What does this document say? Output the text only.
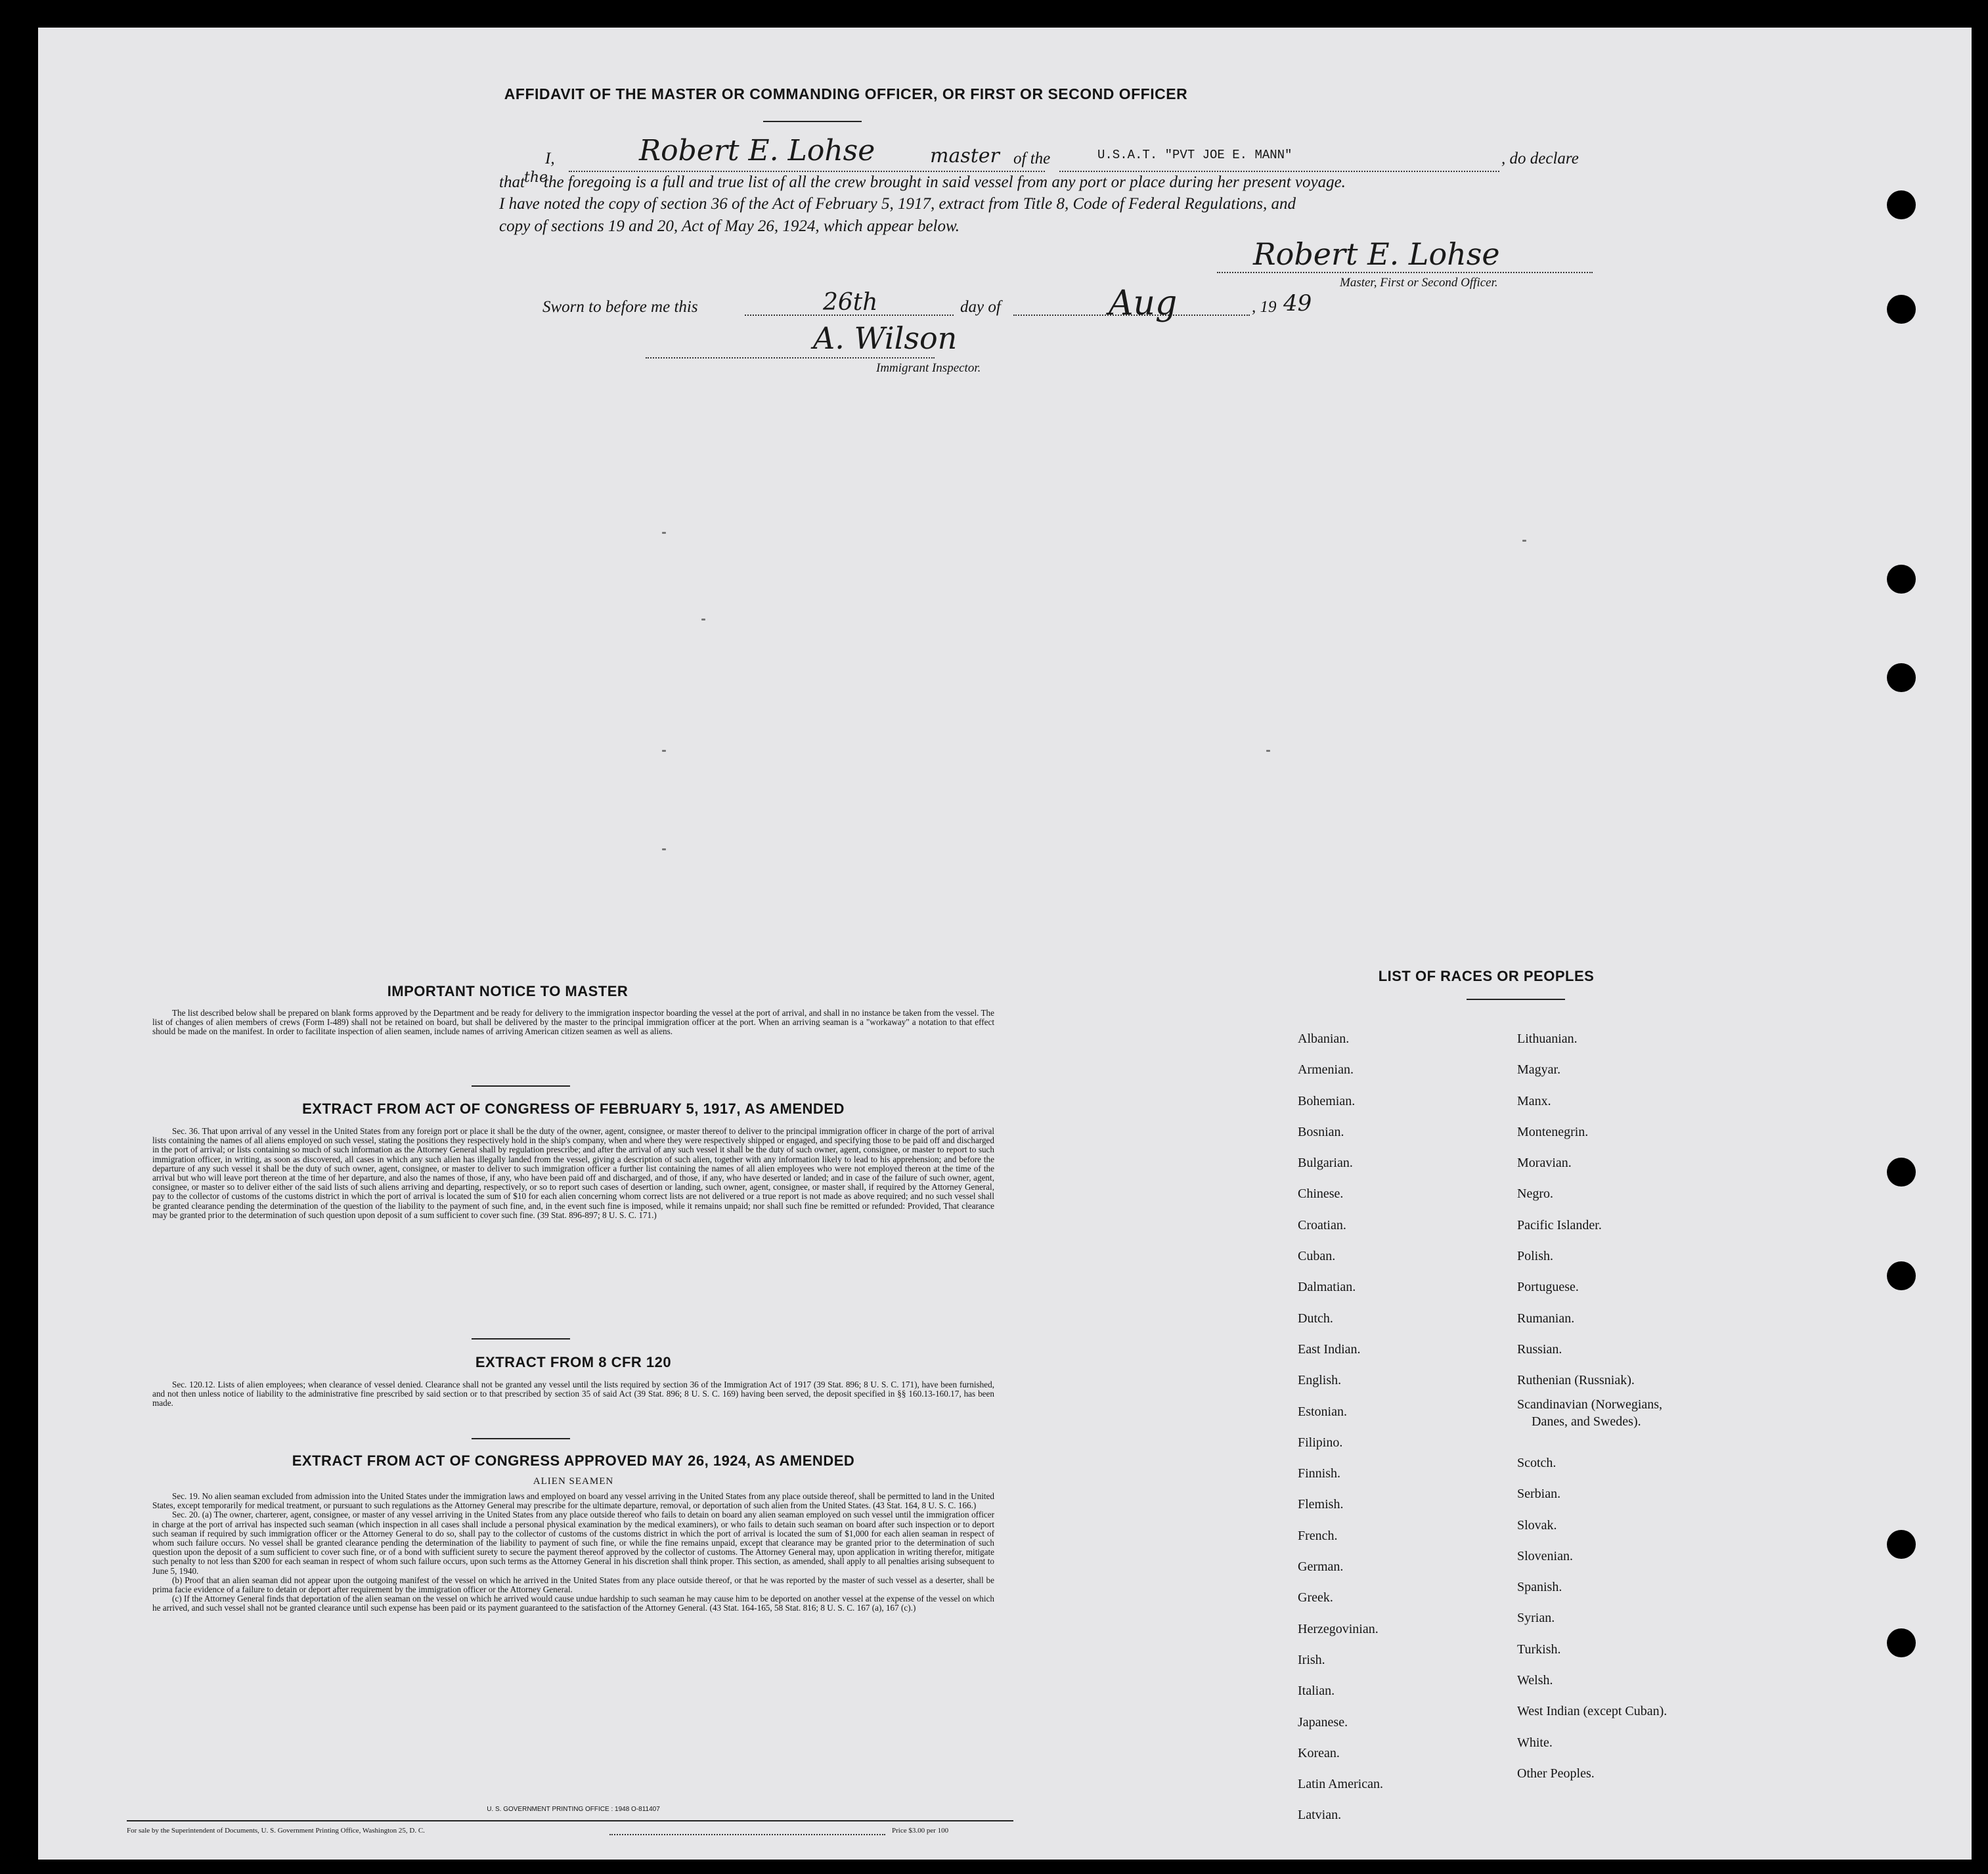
AFFIDAVIT OF THE MASTER OR COMMANDING OFFICER, OR FIRST OR SECOND OFFICER
I,	Robert E. Lohse	master of the	U.S.A.T. "PVT JOE E. MANN"	, do declare
that the
the foregoing is a full and true list of all the crew brought in said vessel from any port or place during her present voyage.
I have noted the copy of section 36 of the Act of February 5, 1917, extract from Title 8, Code of Federal Regulations, and
copy of sections 19 and 20, Act of May 26, 1924, which appear below.
Robert E. Lohse
Master, First or Second Officer.
Sworn to before me this	26th	day of	Aug	, 19 49
A. Wilson
Immigrant Inspector.
IMPORTANT NOTICE TO MASTER

The list described below shall be prepared on blank forms approved by the Department and be ready for delivery to the immigration inspector boarding the vessel at the port of arrival, and shall in no instance be taken from the vessel. The list of changes of alien members of crews (Form I-489) shall not be retained on board, but shall be delivered by the master to the principal immigration officer at the port. When an arriving seaman is a "workaway" a notation to that effect should be made on the manifest. In order to facilitate inspection of alien seamen, include names of arriving American citizen seamen as well as aliens.

EXTRACT FROM ACT OF CONGRESS OF FEBRUARY 5, 1917, AS AMENDED

Sec. 36. That upon arrival of any vessel in the United States from any foreign port or place it shall be the duty of the owner, agent, consignee, or master thereof to deliver to the principal immigration officer in charge of the port of arrival lists containing the names of all aliens employed on such vessel, stating the positions they respectively hold in the ship's company, when and where they were respectively shipped or engaged, and specifying those to be paid off and discharged in the port of arrival; or lists containing so much of such information as the Attorney General shall by regulation prescribe; and after the arrival of any such vessel it shall be the duty of such owner, agent, consignee, or master to report to such immigration officer, in writing, as soon as discovered, all cases in which any such alien has illegally landed from the vessel, giving a description of such alien, together with any information likely to lead to his apprehension; and before the departure of any such vessel it shall be the duty of such owner, agent, consignee, or master to deliver to such immigration officer a further list containing the names of all alien employees who were not employed thereon at the time of the arrival but who will leave port thereon at the time of her departure, and also the names of those, if any, who have been paid off and discharged, and of those, if any, who have deserted or landed; and in case of the failure of such owner, agent, consignee, or master so to deliver either of the said lists of such aliens arriving and departing, respectively, or so to report such cases of desertion or landing, such owner, agent, consignee, or master shall, if required by the Attorney General, pay to the collector of customs of the customs district in which the port of arrival is located the sum of $10 for each alien concerning whom correct lists are not delivered or a true report is not made as above required; and no such vessel shall be granted clearance pending the determination of the question of the liability to the payment of such fine, and, in the event such fine is imposed, while it remains unpaid; nor shall such fine be remitted or refunded: Provided, That clearance may be granted prior to the determination of such question upon deposit of a sum sufficient to cover such fine. (39 Stat. 896-897; 8 U. S. C. 171.)

EXTRACT FROM 8 CFR 120

Sec. 120.12. Lists of alien employees; when clearance of vessel denied. Clearance shall not be granted any vessel until the lists required by section 36 of the Immigration Act of 1917 (39 Stat. 896; 8 U. S. C. 171), have been furnished, and not then unless notice of liability to the administrative fine prescribed by said section or to that prescribed by section 35 of said Act (39 Stat. 896; 8 U. S. C. 169) having been served, the deposit specified in §§ 160.13-160.17, has been made.

EXTRACT FROM ACT OF CONGRESS APPROVED MAY 26, 1924, AS AMENDED
ALIEN SEAMEN

Sec. 19. No alien seaman excluded from admission into the United States under the immigration laws and employed on board any vessel arriving in the United States from any place outside thereof, shall be permitted to land in the United States, except temporarily for medical treatment, or pursuant to such regulations as the Attorney General may prescribe for the ultimate departure, removal, or deportation of such alien from the United States. (43 Stat. 164, 8 U. S. C. 166.)

Sec. 20. (a) The owner, charterer, agent, consignee, or master of any vessel arriving in the United States from any place outside thereof who fails to detain on board any alien seaman employed on such vessel until the immigration officer in charge at the port of arrival has inspected such seaman (which inspection in all cases shall include a personal physical examination by the medical examiners), or who fails to detain such seaman on board after such inspection or to deport such seaman if required by such immigration officer or the Attorney General to do so, shall pay to the collector of customs of the customs district in which the port of arrival is located the sum of $1,000 for each alien seaman in respect of whom such failure occurs. No vessel shall be granted clearance pending the determination of the liability to payment of such fine, or while the fine remains unpaid, except that clearance may be granted prior to the determination of such question upon the deposit of a sum sufficient to cover such fine, or of a bond with sufficient surety to secure the payment thereof approved by the collector of customs. The Attorney General may, upon application in writing therefor, mitigate such penalty to not less than $200 for each seaman in respect of whom such failure occurs, upon such terms as the Attorney General in his discretion shall think proper. This section, as amended, shall apply to all penalties arising subsequent to June 5, 1940.

(b) Proof that an alien seaman did not appear upon the outgoing manifest of the vessel on which he arrived in the United States from any place outside thereof, or that he was reported by the master of such vessel as a deserter, shall be prima facie evidence of a failure to detain or deport after requirement by the immigration officer or the Attorney General.

(c) If the Attorney General finds that deportation of the alien seaman on the vessel on which he arrived would cause undue hardship to such seaman he may cause him to be deported on another vessel at the expense of the vessel on which he arrived, and such vessel shall not be granted clearance until such expense has been paid or its payment guaranteed to the satisfaction of the Attorney General. (43 Stat. 164-165, 58 Stat. 816; 8 U. S. C. 167 (a), 167 (c).)

U. S. GOVERNMENT PRINTING OFFICE : 1948 O-811407
For sale by the Superintendent of Documents, U. S. Government Printing Office, Washington 25, D. C.	Price $3.00 per 100
LIST OF RACES OR PEOPLES
Albanian.
Armenian.
Bohemian.
Bosnian.
Bulgarian.
Chinese.
Croatian.
Cuban.
Dalmatian.
Dutch.
East Indian.
English.
Estonian.
Filipino.
Finnish.
Flemish.
French.
German.
Greek.
Herzegovinian.
Irish.
Italian.
Japanese.
Korean.
Latin American.
Latvian.
Lithuanian.
Magyar.
Manx.
Montenegrin.
Moravian.
Negro.
Pacific Islander.
Polish.
Portuguese.
Rumanian.
Russian.
Ruthenian (Russniak).
Scandinavian (Norwegians,
Danes, and Swedes).
Scotch.
Serbian.
Slovak.
Slovenian.
Spanish.
Syrian.
Turkish.
Welsh.
West Indian (except Cuban).
White.
Other Peoples.
